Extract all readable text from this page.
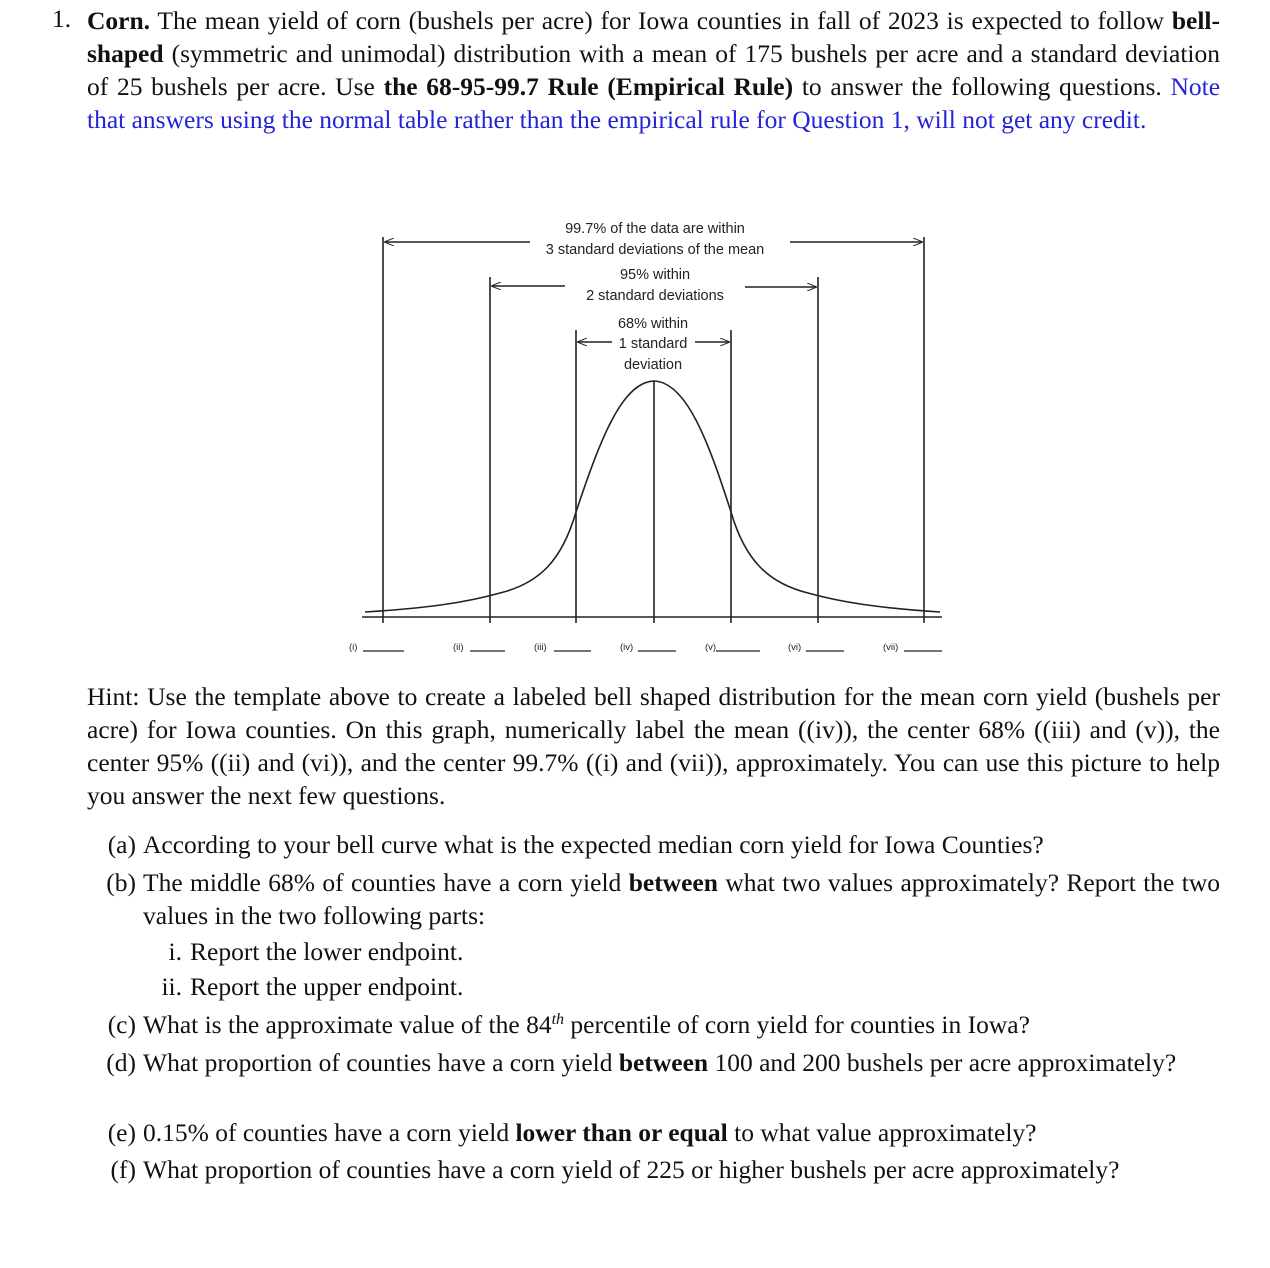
1. Corn. The mean yield of corn (bushels per acre) for Iowa counties in fall of 2023 is expected to follow bell-shaped (symmetric and unimodal) distribution with a mean of 175 bushels per acre and a standard deviation of 25 bushels per acre. Use the 68-95-99.7 Rule (Empirical Rule) to answer the following questions. Note that answers using the normal table rather than the empirical rule for Question 1, will not get any credit.
99.7% of the data are within
3 standard deviations of the mean
95% within
2 standard deviations
68% within
1 standard
deviation
(i)	(ii)	(iii)	(iv)	(v)	(vi)	(vii)
Hint: Use the template above to create a labeled bell shaped distribution for the mean corn yield (bushels per acre) for Iowa counties. On this graph, numerically label the mean ((iv)), the center 68% ((iii) and (v)), the center 95% ((ii) and (vi)), and the center 99.7% ((i) and (vii)), approximately. You can use this picture to help you answer the next few questions.
(a) According to your bell curve what is the expected median corn yield for Iowa Counties?
(b) The middle 68% of counties have a corn yield between what two values approximately? Report the two values in the two following parts:
i. Report the lower endpoint.
ii. Report the upper endpoint.
(c) What is the approximate value of the 84th percentile of corn yield for counties in Iowa?
(d) What proportion of counties have a corn yield between 100 and 200 bushels per acre approximately?
(e) 0.15% of counties have a corn yield lower than or equal to what value approximately?
(f) What proportion of counties have a corn yield of 225 or higher bushels per acre approximately?
